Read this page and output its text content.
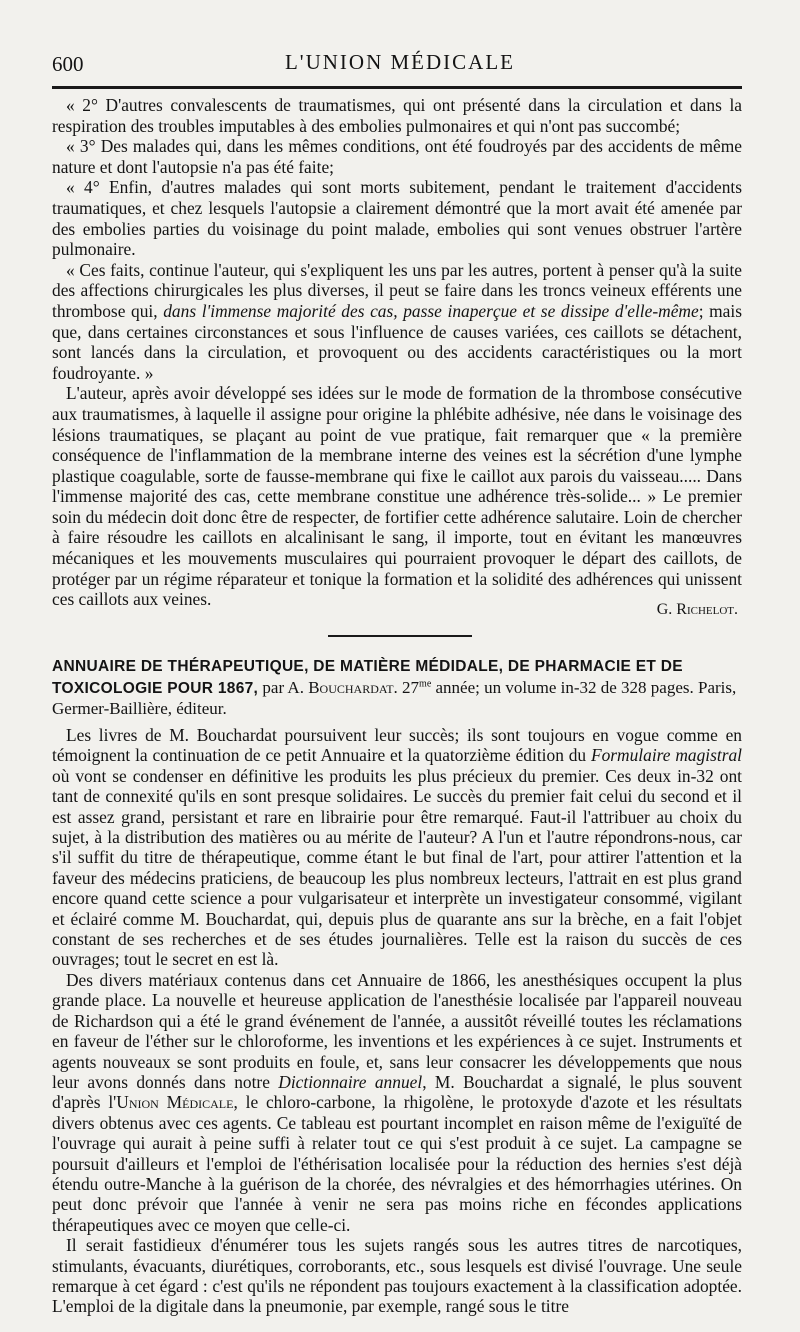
600	L'UNION MÉDICALE

« 2° D'autres convalescents de traumatismes, qui ont présenté dans la circulation et dans la respiration des troubles imputables à des embolies pulmonaires et qui n'ont pas succombé;

« 3° Des malades qui, dans les mêmes conditions, ont été foudroyés par des accidents de même nature et dont l'autopsie n'a pas été faite;

« 4° Enfin, d'autres malades qui sont morts subitement, pendant le traitement d'accidents traumatiques, et chez lesquels l'autopsie a clairement démontré que la mort avait été amenée par des embolies parties du voisinage du point malade, embolies qui sont venues obstruer l'artère pulmonaire.

« Ces faits, continue l'auteur, qui s'expliquent les uns par les autres, portent à penser qu'à la suite des affections chirurgicales les plus diverses, il peut se faire dans les troncs veineux efférents une thrombose qui, dans l'immense majorité des cas, passe inaperçue et se dissipe d'elle-même; mais que, dans certaines circonstances et sous l'influence de causes variées, ces caillots se détachent, sont lancés dans la circulation, et provoquent ou des accidents caractéristiques ou la mort foudroyante. »

L'auteur, après avoir développé ses idées sur le mode de formation de la thrombose consécutive aux traumatismes, à laquelle il assigne pour origine la phlébite adhésive, née dans le voisinage des lésions traumatiques, se plaçant au point de vue pratique, fait remarquer que « la première conséquence de l'inflammation de la membrane interne des veines est la sécrétion d'une lymphe plastique coagulable, sorte de fausse-membrane qui fixe le caillot aux parois du vaisseau..... Dans l'immense majorité des cas, cette membrane constitue une adhérence très-solide... » Le premier soin du médecin doit donc être de respecter, de fortifier cette adhérence salutaire. Loin de chercher à faire résoudre les caillots en alcalinisant le sang, il importe, tout en évitant les manœuvres mécaniques et les mouvements musculaires qui pourraient provoquer le départ des caillots, de protéger par un régime réparateur et tonique la formation et la solidité des adhérences qui unissent ces caillots aux veines.

G. Richelot.

ANNUAIRE DE THÉRAPEUTIQUE, DE MATIÈRE MÉDIDALE, DE PHARMACIE ET DE TOXICOLOGIE POUR 1867, par A. Bouchardat. $27^{me}$ année; un volume in-32 de 328 pages. Paris, Germer-Baillière, éditeur.

Les livres de M. Bouchardat poursuivent leur succès; ils sont toujours en vogue comme en témoignent la continuation de ce petit Annuaire et la quatorzième édition du Formulaire magistral où vont se condenser en définitive les produits les plus précieux du premier. Ces deux in-32 ont tant de connexité qu'ils en sont presque solidaires. Le succès du premier fait celui du second et il est assez grand, persistant et rare en librairie pour être remarqué. Faut-il l'attribuer au choix du sujet, à la distribution des matières ou au mérite de l'auteur? A l'un et l'autre répondrons-nous, car s'il suffit du titre de thérapeutique, comme étant le but final de l'art, pour attirer l'attention et la faveur des médecins praticiens, de beaucoup les plus nombreux lecteurs, l'attrait en est plus grand encore quand cette science a pour vulgarisateur et interprète un investigateur consommé, vigilant et éclairé comme M. Bouchardat, qui, depuis plus de quarante ans sur la brèche, en a fait l'objet constant de ses recherches et de ses études journalières. Telle est la raison du succès de ces ouvrages; tout le secret en est là.

Des divers matériaux contenus dans cet Annuaire de 1866, les anesthésiques occupent la plus grande place. La nouvelle et heureuse application de l'anesthésie localisée par l'appareil nouveau de Richardson qui a été le grand événement de l'année, a aussitôt réveillé toutes les réclamations en faveur de l'éther sur le chloroforme, les inventions et les expériences à ce sujet. Instruments et agents nouveaux se sont produits en foule, et, sans leur consacrer les développements que nous leur avons donnés dans notre Dictionnaire annuel, M. Bouchardat a signalé, le plus souvent d'après l'Union Médicale, le chloro-carbone, la rhigolène, le protoxyde d'azote et les résultats divers obtenus avec ces agents. Ce tableau est pourtant incomplet en raison même de l'exiguïté de l'ouvrage qui aurait à peine suffi à relater tout ce qui s'est produit à ce sujet. La campagne se poursuit d'ailleurs et l'emploi de l'éthérisation localisée pour la réduction des hernies s'est déjà étendu outre-Manche à la guérison de la chorée, des névralgies et des hémorrhagies utérines. On peut donc prévoir que l'année à venir ne sera pas moins riche en fécondes applications thérapeutiques avec ce moyen que celle-ci.

Il serait fastidieux d'énumérer tous les sujets rangés sous les autres titres de narcotiques, stimulants, évacuants, diurétiques, corroborants, etc., sous lesquels est divisé l'ouvrage. Une seule remarque à cet égard : c'est qu'ils ne répondent pas toujours exactement à la classification adoptée. L'emploi de la digitale dans la pneumonie, par exemple, rangé sous le titre
